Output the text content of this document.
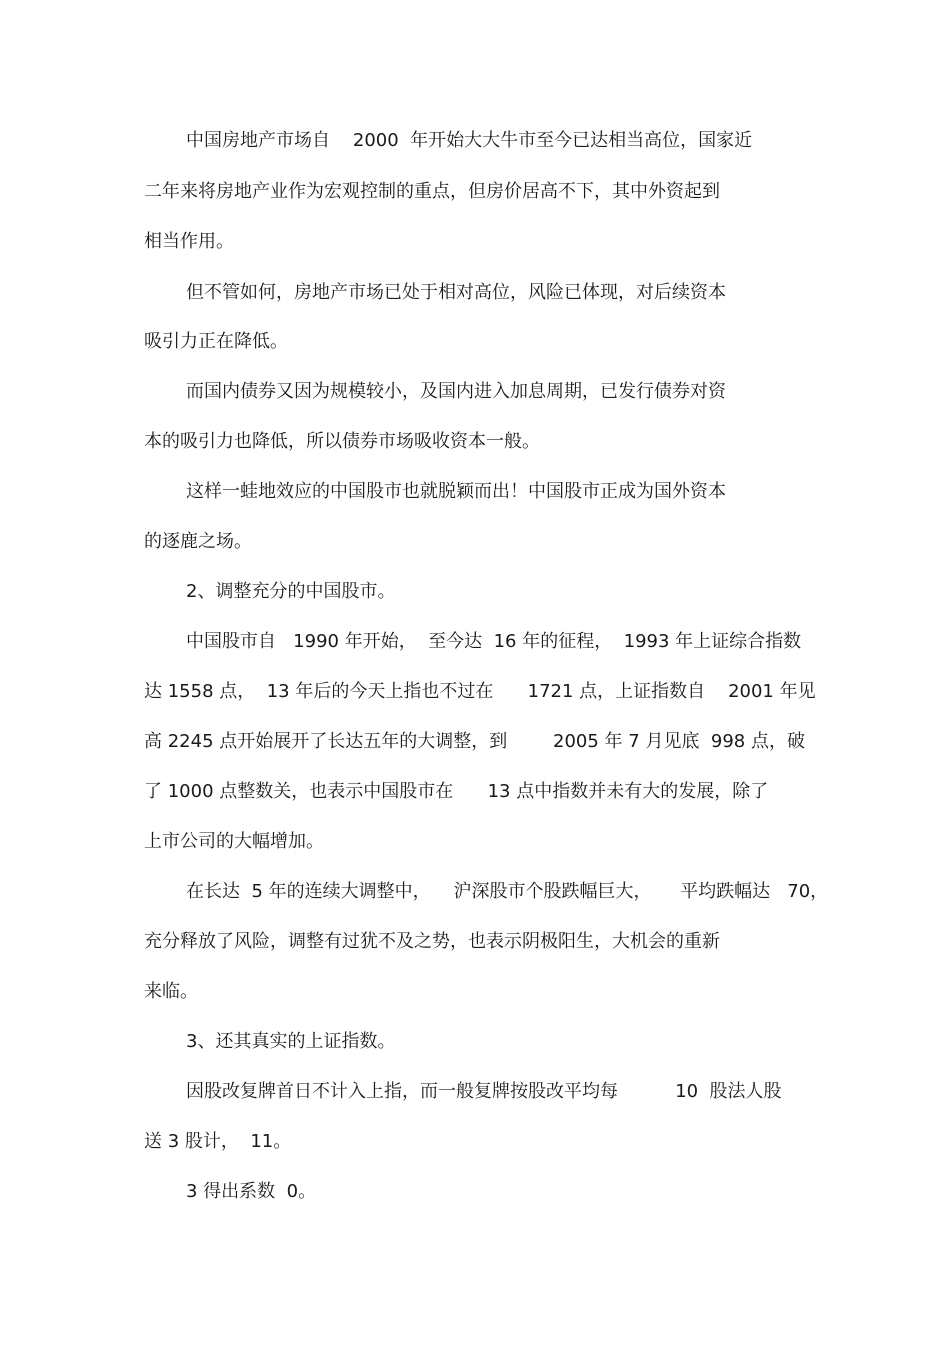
中国房地产市场自    2000  年开始大大牛市至今已达相当高位，国家近
二年来将房地产业作为宏观控制的重点，但房价居高不下，其中外资起到
相当作用。
但不管如何，房地产市场已处于相对高位，风险已体现，对后续资本
吸引力正在降低。
而国内债券又因为规模较小，及国内进入加息周期，已发行债券对资
本的吸引力也降低，所以债券市场吸收资本一般。
这样一蛙地效应的中国股市也就脱颖而出！中国股市正成为国外资本
的逐鹿之场。
2、调整充分的中国股市。
中国股市自   1990 年开始，  至今达  16 年的征程，  1993 年上证综合指数
达 1558 点，  13 年后的今天上指也不过在      1721 点，上证指数自    2001 年见
高 2245 点开始展开了长达五年的大调整，到        2005 年 7 月见底  998 点，破
了 1000 点整数关，也表示中国股市在      13 点中指数并未有大的发展，除了
上市公司的大幅增加。
在长达  5 年的连续大调整中，    沪深股市个股跌幅巨大，     平均跌幅达   70，
充分释放了风险，调整有过犹不及之势，也表示阴极阳生，大机会的重新
来临。
3、还其真实的上证指数。
因股改复牌首日不计入上指，而一般复牌按股改平均每          10  股法人股
送 3 股计，  11。
3 得出系数  0。
